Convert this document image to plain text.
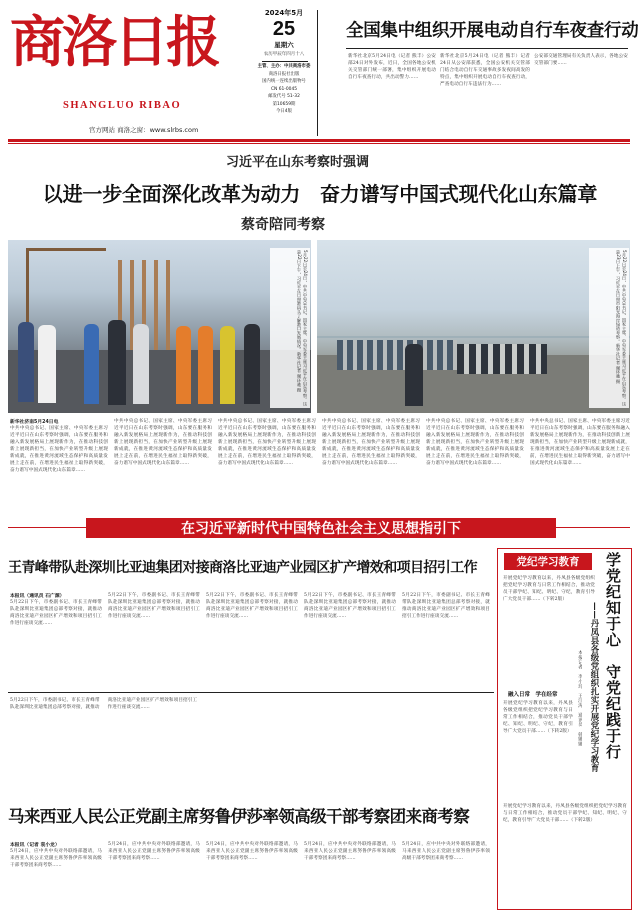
商洛日报
SHANGLUO RIBAO
官方网站 商洛之窗：www.slrbs.com
2024年5月
25
星期六
农历甲辰年四月十八
主管、主办：中共商洛市委
商洛日报社出版
国内统一连续出版物号
CN 61-0045
邮发代号 51-32
第10659期
今日4版
全国集中组织开展电动自行车夜查行动
新华社北京5月24日电（记者 熊丰）公安部24日对外发布，近日，全国各地公安机关交管部门统一部署，集中组织开展电动自行车夜查行动，共出动警力……
新华社北京5月24日电（记者 熊丰）记者24日从公安部获悉，全国公安机关交管部门结合电动自行车交通事故多发夜间高发的特点，集中组织开展电动自行车夜查行动，严查电动自行车违法行为……
公安部交通管理局有关负责人表示，各地公安交管部门要……
习近平在山东考察时强调
以进一步全面深化改革为动力　奋力谱写中国式现代化山东篇章
蔡奇陪同考察
5月22日至24日，中共中央总书记、国家主席、中央军委主席习近平在山东考察。这是22日下午，习近平在日照港码头了解港口发展情况。新华社记者 谢环驰 摄	5月22日至24日，中共中央总书记、国家主席、中央军委主席习近平在山东考察。这是23日上午，习近平在日照市阳光海岸绿道考察。新华社记者 谢环驰 摄
新华社济南5月24日电
中共中央总书记、国家主席、中央军委主席习近平近日在山东考察时强调，山东要在服务和融入新发展格局上展现新作为，在推动科技创新上展现新担当，在加快产业转型升级上展现新成就，在推进黄河流域生态保护和高质量发展上走在前，在增进民生福祉上取得新突破，奋力谱写中国式现代化山东篇章……
中共中央总书记、国家主席、中央军委主席习近平近日在山东考察时强调，山东要在服务和融入新发展格局上展现新作为，在推动科技创新上展现新担当，在加快产业转型升级上展现新成就，在推进黄河流域生态保护和高质量发展上走在前，在增进民生福祉上取得新突破，奋力谱写中国式现代化山东篇章……
中共中央总书记、国家主席、中央军委主席习近平近日在山东考察时强调，山东要在服务和融入新发展格局上展现新作为，在推动科技创新上展现新担当，在加快产业转型升级上展现新成就，在推进黄河流域生态保护和高质量发展上走在前，在增进民生福祉上取得新突破，奋力谱写中国式现代化山东篇章……
中共中央总书记、国家主席、中央军委主席习近平近日在山东考察时强调，山东要在服务和融入新发展格局上展现新作为，在推动科技创新上展现新担当，在加快产业转型升级上展现新成就，在推进黄河流域生态保护和高质量发展上走在前，在增进民生福祉上取得新突破，奋力谱写中国式现代化山东篇章……
中共中央总书记、国家主席、中央军委主席习近平近日在山东考察时强调，山东要在服务和融入新发展格局上展现新作为，在推动科技创新上展现新担当，在加快产业转型升级上展现新成就，在推进黄河流域生态保护和高质量发展上走在前，在增进民生福祉上取得新突破，奋力谱写中国式现代化山东篇章……
中共中央总书记、国家主席、中央军委主席习近平近日在山东考察时强调，山东要在服务和融入新发展格局上展现新作为，在推动科技创新上展现新担当，在加快产业转型升级上展现新成就，在推进黄河流域生态保护和高质量发展上走在前，在增进民生福祉上取得新突破，奋力谱写中国式现代化山东篇章……
在习近平新时代中国特色社会主义思想指引下
王青峰带队赴深圳比亚迪集团对接商洛比亚迪产业园区扩产增效和项目招引工作
本报讯（通讯员 石广源）
5月22日下午，市委副书记、市长王青峰带队赴深圳比亚迪集团总部考察对接，就推动商洛比亚迪产业园区扩产增效和项目招引工作进行座谈交流……
5月22日下午，市委副书记、市长王青峰带队赴深圳比亚迪集团总部考察对接，就推动商洛比亚迪产业园区扩产增效和项目招引工作进行座谈交流……
5月22日下午，市委副书记、市长王青峰带队赴深圳比亚迪集团总部考察对接，就推动商洛比亚迪产业园区扩产增效和项目招引工作进行座谈交流……
5月22日下午，市委副书记、市长王青峰带队赴深圳比亚迪集团总部考察对接，就推动商洛比亚迪产业园区扩产增效和项目招引工作进行座谈交流……
5月22日下午，市委副书记、市长王青峰带队赴深圳比亚迪集团总部考察对接，就推动商洛比亚迪产业园区扩产增效和项目招引工作进行座谈交流……
马来西亚人民公正党副主席努鲁伊莎率领高级干部考察团来商考察
本报讯（记者 袁小龙）
5月24日，应中共中央对外联络部邀请，马来西亚人民公正党副主席努鲁伊莎率领高级干部考察团来商考察……
5月24日，应中共中央对外联络部邀请，马来西亚人民公正党副主席努鲁伊莎率领高级干部考察团来商考察……
5月24日，应中共中央对外联络部邀请，马来西亚人民公正党副主席努鲁伊莎率领高级干部考察团来商考察……
5月24日，应中共中央对外联络部邀请，马来西亚人民公正党副主席努鲁伊莎率领高级干部考察团来商考察……
5月24日，应中共中央对外联络部邀请，马来西亚人民公正党副主席努鲁伊莎率领高级干部考察团来商考察……
5月22日下午，市委副书记、市长王青峰带队赴深圳比亚迪集团总部考察对接，就推动商洛比亚迪产业园区扩产增效和项目招引工作进行座谈交流……
党纪学习教育
开展党纪学习教育以来，丹凤县各级党组织把党纪学习教育与日常工作相结合，推动党员干部学纪、知纪、明纪、守纪，教育引导广大党员干部……（下转2版）	学党纪知于心　守党纪践于行
——丹凤县各级党组织扎实开展党纪学习教育
本报记者　李小玲　王江涛　通讯员　韩娜娜
融入日常　学在经常
开展党纪学习教育以来，丹凤县各级党组织把党纪学习教育与日常工作相结合，推动党员干部学纪、知纪、明纪、守纪，教育引导广大党员干部……（下转2版）
开展党纪学习教育以来，丹凤县各级党组织把党纪学习教育与日常工作相结合，推动党员干部学纪、知纪、明纪、守纪，教育引导广大党员干部……（下转2版）
